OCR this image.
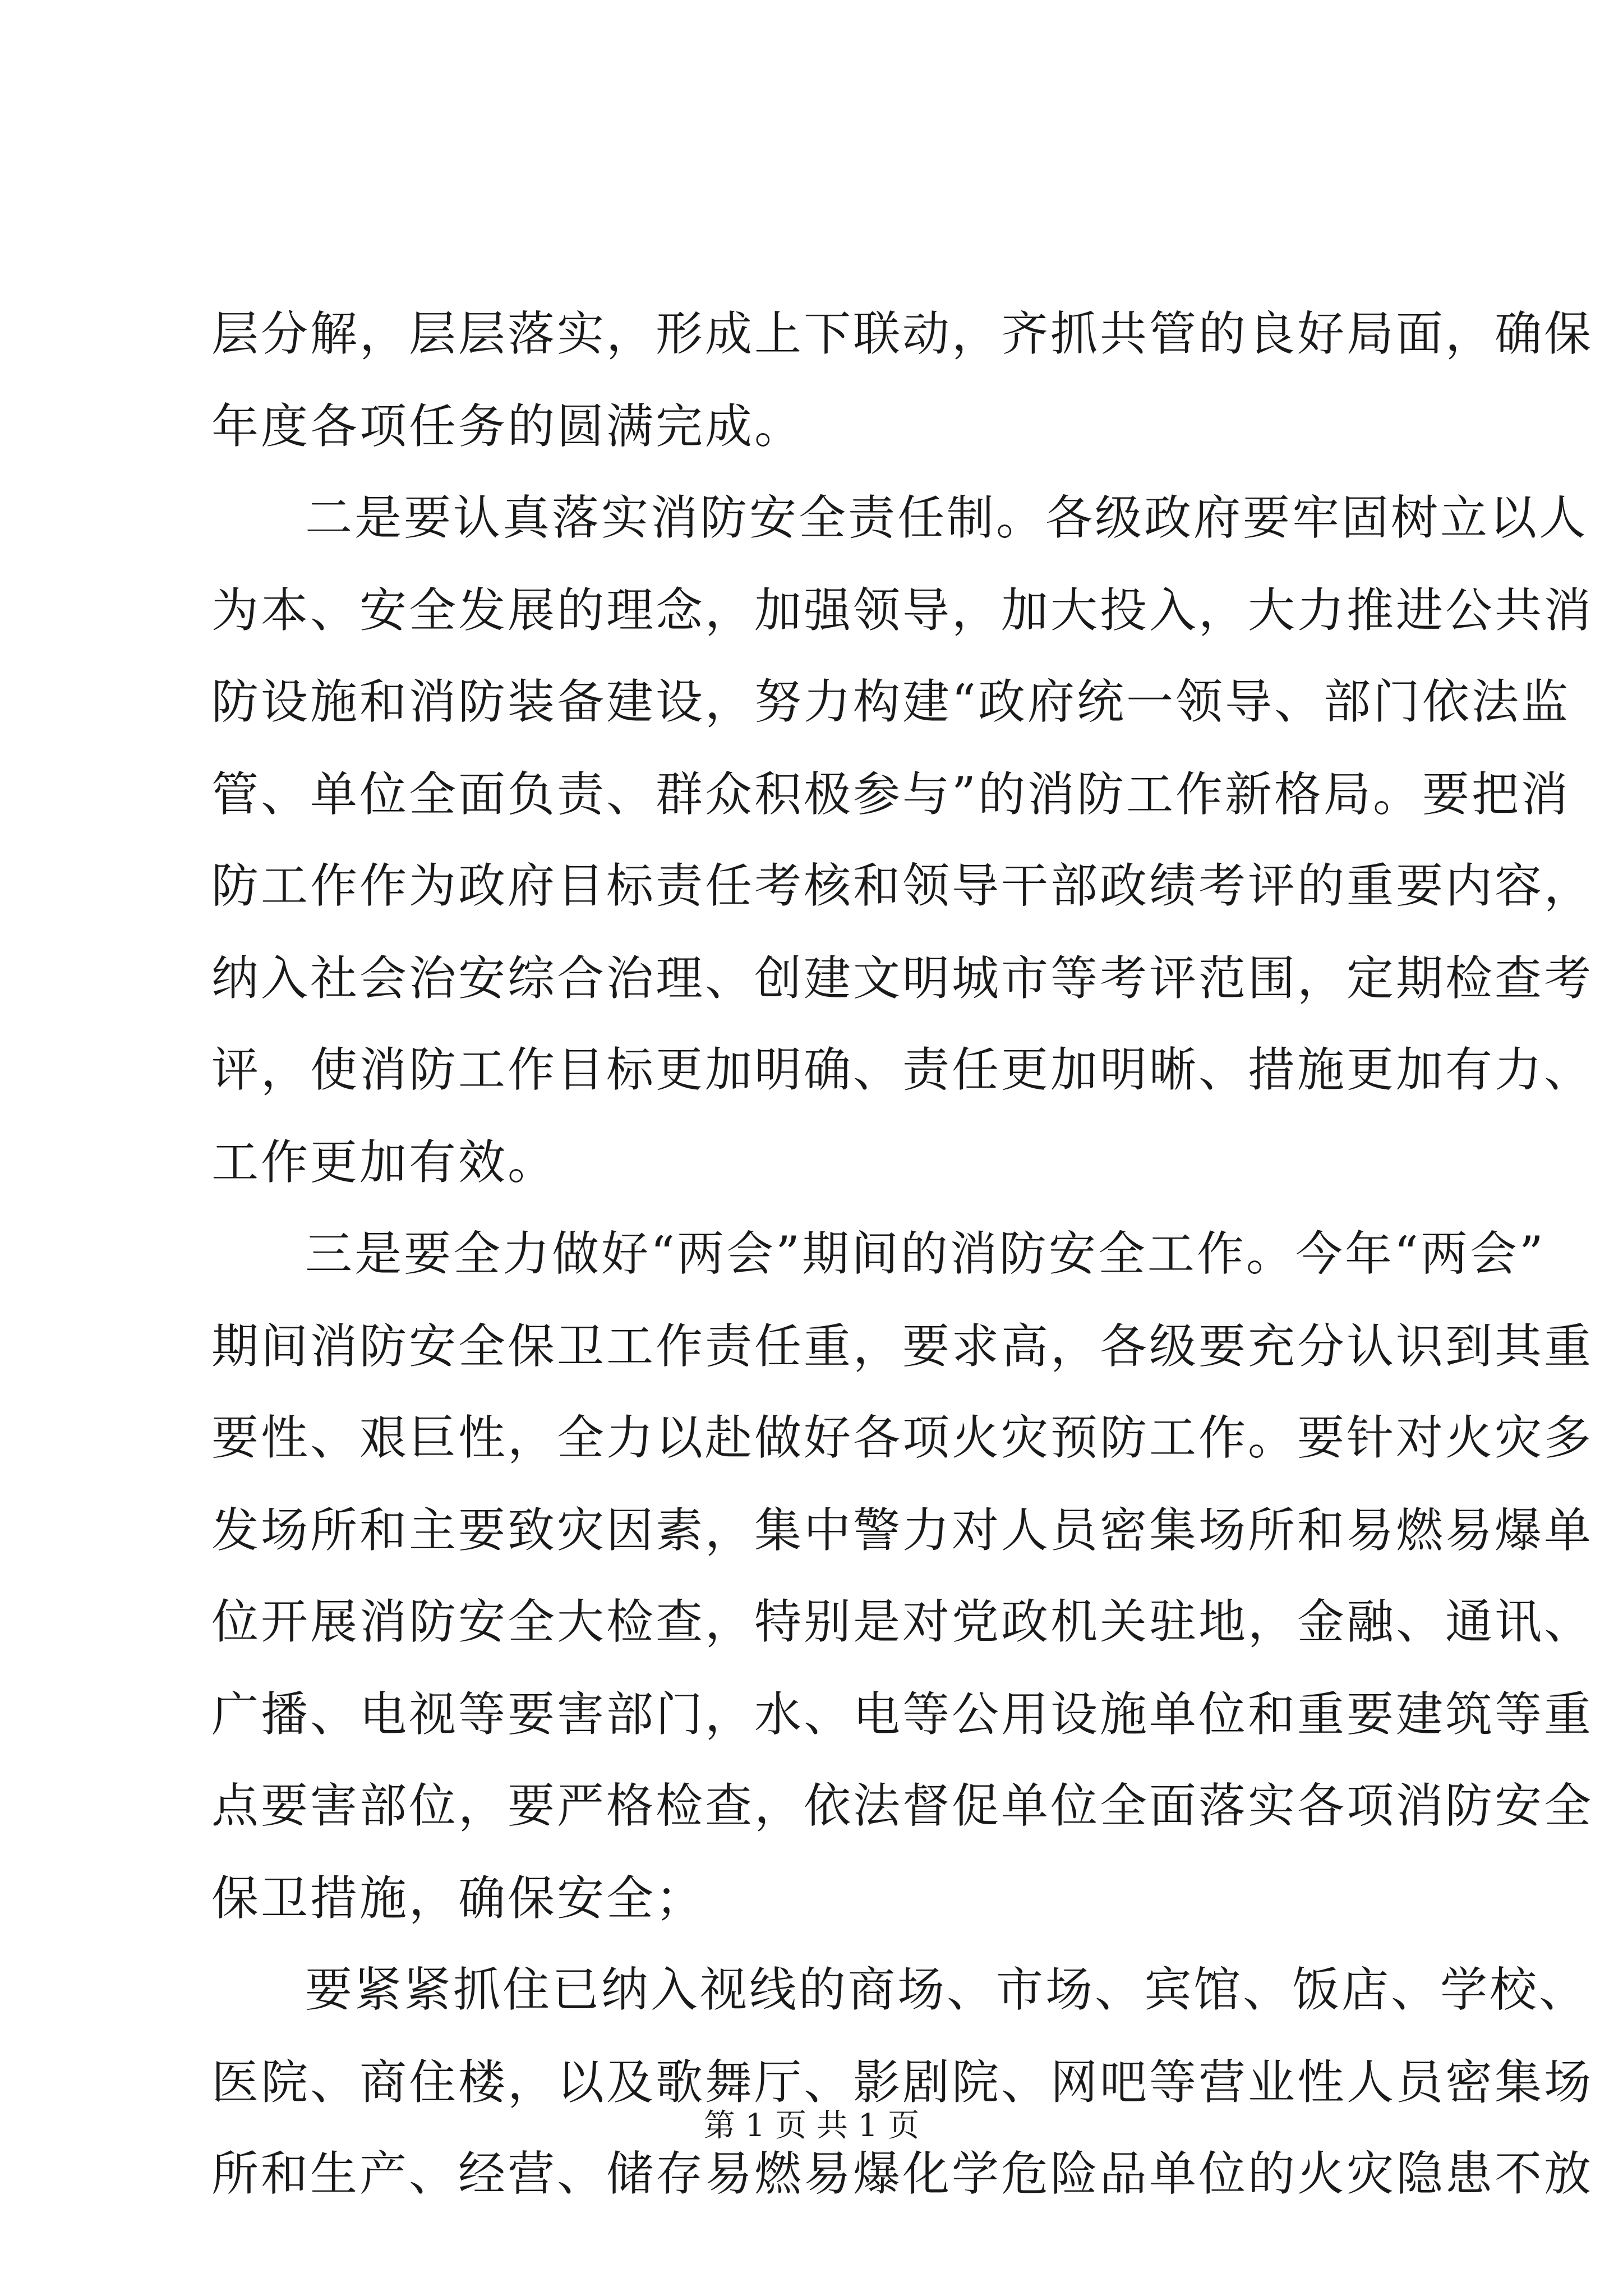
层分解，层层落实，形成上下联动，齐抓共管的良好局面，确保
年度各项任务的圆满完成。
二是要认真落实消防安全责任制。各级政府要牢固树立以人
为本、安全发展的理念，加强领导，加大投入，大力推进公共消
防设施和消防装备建设，努力构建“政府统一领导、部门依法监
管、单位全面负责、群众积极参与”的消防工作新格局。要把消
防工作作为政府目标责任考核和领导干部政绩考评的重要内容，
纳入社会治安综合治理、创建文明城市等考评范围，定期检查考
评，使消防工作目标更加明确、责任更加明晰、措施更加有力、
工作更加有效。
三是要全力做好“两会”期间的消防安全工作。今年“两会”
期间消防安全保卫工作责任重，要求高，各级要充分认识到其重
要性、艰巨性，全力以赴做好各项火灾预防工作。要针对火灾多
发场所和主要致灾因素，集中警力对人员密集场所和易燃易爆单
位开展消防安全大检查，特别是对党政机关驻地，金融、通讯、
广播、电视等要害部门，水、电等公用设施单位和重要建筑等重
点要害部位，要严格检查，依法督促单位全面落实各项消防安全
保卫措施，确保安全；
要紧紧抓住已纳入视线的商场、市场、宾馆、饭店、学校、
医院、商住楼，以及歌舞厅、影剧院、网吧等营业性人员密集场
所和生产、经营、储存易燃易爆化学危险品单位的火灾隐患不放
第 1 页 共 1 页
